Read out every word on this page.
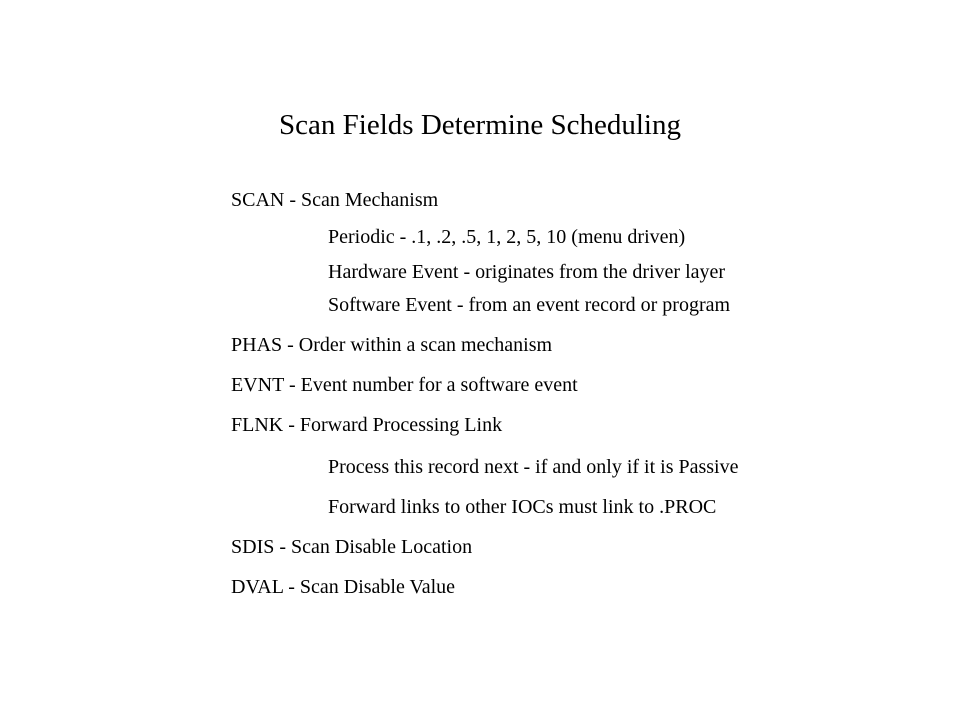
Scan Fields Determine Scheduling
SCAN - Scan Mechanism
Periodic - .1, .2, .5, 1, 2, 5, 10 (menu driven)
Hardware Event - originates from the driver layer
Software Event - from an event record or program
PHAS - Order within a scan mechanism
EVNT - Event number for a software event
FLNK - Forward Processing Link
Process this record next - if and only if it is Passive
Forward links to other IOCs must link to .PROC
SDIS - Scan Disable Location
DVAL - Scan Disable Value
